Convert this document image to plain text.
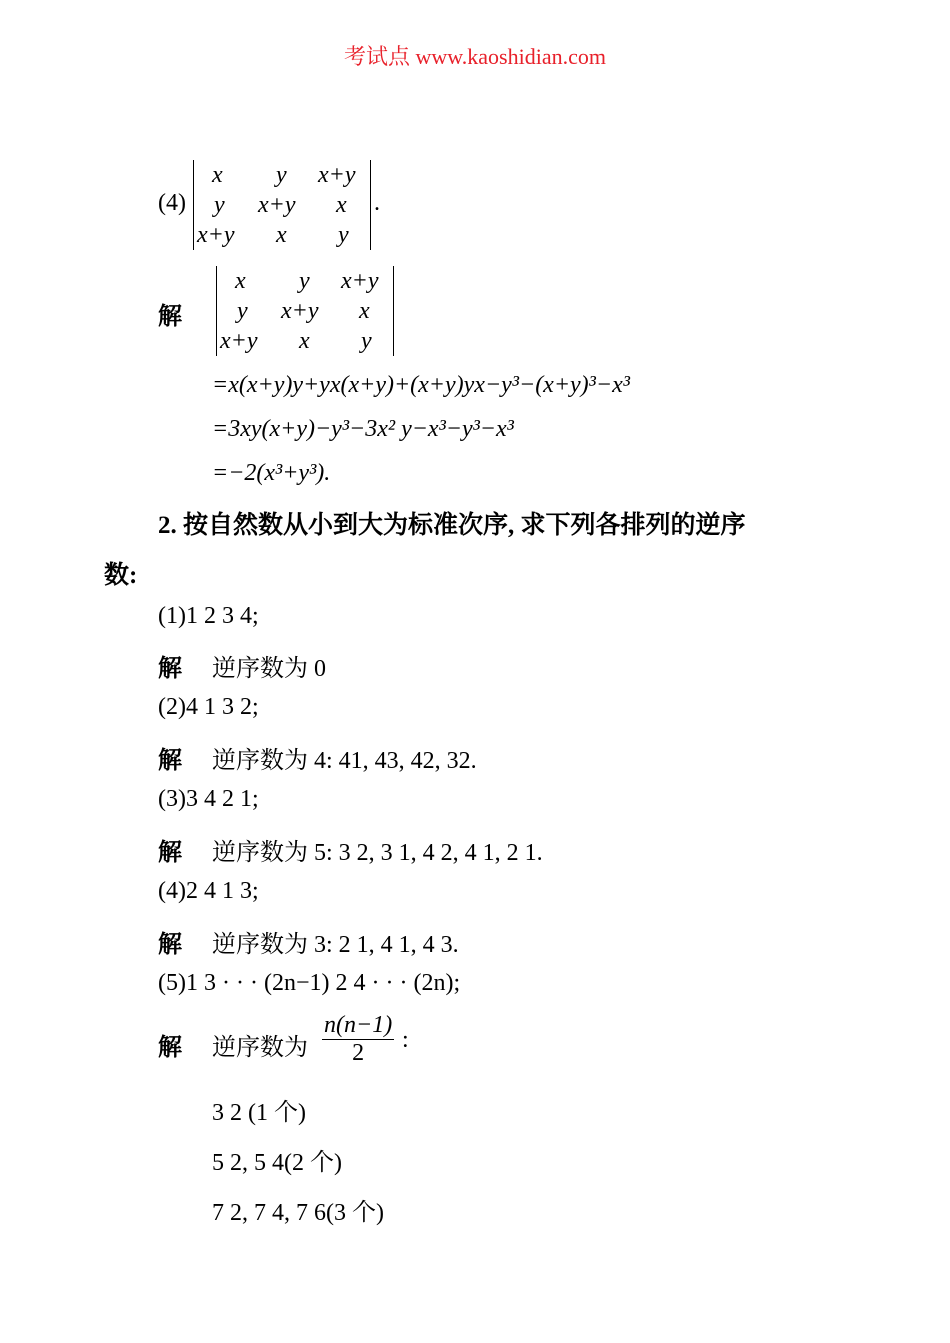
考试点 www.kaoshidian.com
(4)
x y x+y
y x+y x
x+y x y
.
解
x y x+y
y x+y x
x+y x y
=x(x+y)y+yx(x+y)+(x+y)yx−y³−(x+y)³−x³
=3xy(x+y)−y³−3x² y−x³−y³−x³
=−2(x³+y³).
2. 按自然数从小到大为标准次序, 求下列各排列的逆序
数:
(1)1 2 3 4;
解 逆序数为 0
(2)4 1 3 2;
解 逆序数为 4: 41, 43, 42, 32.
(3)3 4 2 1;
解 逆序数为 5: 3 2, 3 1, 4 2, 4 1, 2 1.
(4)2 4 1 3;
解 逆序数为 3: 2 1, 4 1, 4 3.
(5)1 3 · · · (2n−1) 2 4 · · · (2n);
解 逆序数为 $\frac{n(n-1)}{2}$ :
3 2 (1 个)
5 2, 5 4(2 个)
7 2, 7 4, 7 6(3 个)
